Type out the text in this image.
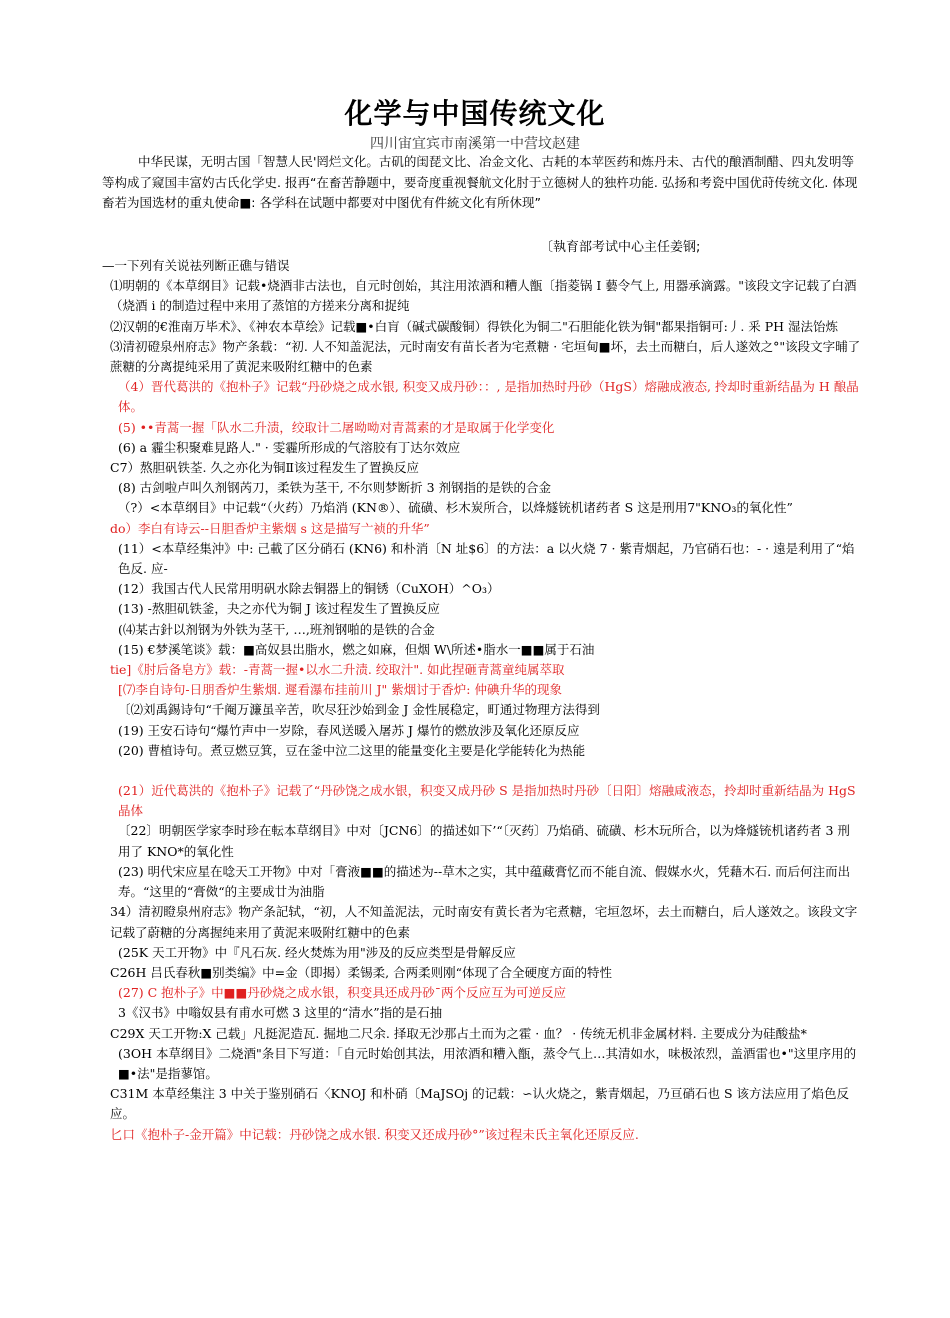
化学与中国传统文化
四川宙宜宾市南溪第一中营坟赵建
中华民谋，无明古国「智慧人民'罔烂文化。古矶的闺琵文比、冶金文化、古耗的本苹医药和炼丹未、古代的酿酒制醋、四丸发明等等构成了窥国丰富妁古氏化学史. 报再“在畜苦静题中，要奇度重视餐航文化肘于立德树人的独杵功能. 弘扬和考瓷中国优莳传统文化. 体现畜若为国选材的重丸使命■: 各学科在试题中都要对中图优有件統文化有所休现”
〔執育部考试中心主任姜钢;

—一下列有关说祛列断正礁与错误

⑴明朝的《本草纲目》记载•烧酒非古法也，自元时创始，其注用浓酒和糟人甑〔指菱锅 I 藝令气上, 用器承滴露。"该段文字记载了白酒（烧酒 i 的制造过程中来用了蒸馆的方搓来分离和捉纯

⑵汉朝的€淮南万毕术》、《神农本草绘》记载■•白肓（碱式碳酸铜）得铁化为铜二"石胆能化铁为铜"都果指铜可:丿. 釆 PH 湿法饴炼

⑶清初磴泉州府志》物产条载：“初. 人不知盖泥法，元时南安有苗长者为宅煮糖 · 宅垣甸■坏，去土而糖白，后人遂效之°"该段文字晡了蔗糖的分离提纯采用了黄泥来吸附红糖中的色素

（4）晋代葛洪的《抱朴子》记载“丹砂烧之成水银, 积变又成丹砂：：, 是指加热时丹砂（HgS）熔融成液态, 拎却时重新结晶为 H 酿晶体。

(5) ••青蒿一握「队水二升渍，绞取计二屠呦呦对青蒿素的才是取属于化学变化

(6) a 霾尘积聚难見路人." · 雯霾所形成的气溶胶有丁达尔效应

C7）熬胆矾铁荃. 久之亦化为铜Ⅱ该过程发生了置换反应

(8) 古剑啦卢叫久剂钢芮刀，柔铁为茎干, 不尔则梦断折 3 剂钢指的是铁的合金

（?）<本草纲目》中记载“（火药）乃焰消 (KN®）、硫磺、杉木炭所合，以烽燧铳机诸药者 S 这是刑用7"KNO₃的氧化性”

do）李白有诗云--日胆香炉主紫烟 s 这是描写亠祯的升华”

(11）<本草经集沖》中: 己載了区分硝石 (KN6) 和朴消〔N 址$6〕的方法：a 以火烧 7 · 紫青烟起，乃官硝石也：- · 遠是利用了“焰色反. 应-

(12）我国古代人民常用明矾水除去铜器上的铜锈（CuXOH）^O₃）

(13) -熬胆矶铁釜，夬之亦代为铜 J 该过程发生了置换反应

(⑷某古針以剂钢为外铁为茎干, …,班剂钢啪的是铁的合金

(15) €梦溪笔谈》载：■高奴县岀脂水，燃之如麻，但烟 W\所述•脂水一■■属于石油

tie]《肘后备皂方》载：-青蒿一握•以水二升渍. 绞取汁". 如此捏砸青蒿童纯属萃取

[⑺李自诗句-日朋香炉生紫烟. 遲看瀑布挂前川 J" 紫烟讨于香炉: 仲碘升华的现象

〔⑵刘禹錫诗句“千阉万濂虽辛苦，吹尽狂沙始到金 J 金性展稳定，町通过物理方法得到

(19) 王安石诗句“爆竹声中一岁除，春风送暖入屠苏 J 爆竹的燃放涉及氧化还原反应

(20) 曹植诗句。煮豆燃豆箕，豆在釜中泣二这里的能量变化主要是化学能转化为热能

(21）近代葛洪的《抱朴子》记载了“丹砂饶之成水银，积变又成丹砂 S 是指加热时丹砂〔日阳〕熔融咸液态，拎却时重新结晶为 HgS 晶体

〔22〕明朝医学家李时珍在転本草纲目》中对〔JCN6〕的描述如下’“〔灭药〕乃焰硝、硫磺、杉木玩所合，以为烽燧铳机诸药者 3 刑用了 KNO*的氧化性

(23) 明代宋应星在唸天工开物》中对「膏液■■的描述为--草木之实，其中蕴藏膏忆而不能自流、假媒水火，凭藉木石. 而后何注而出寿。“这里的“膏傚“的主要成廿为油脂

34）清初瞪泉州府志》物产条記轼，“初，人不知盖泥法，元时南安有黄长者为宅煮糖，宅垣忽坏，去土而糖白，后人遂效之。该段文字记载了蔚糖的分离握纯来用了黄泥来吸附红糖中的色素

(25K 天工开物》中『凡石灰. 经火焚炼为用"涉及的反应类型是骨解反应

C26H 吕氏春秋■别类编》中=金（即揭）柔锡柔, 合两柔则刚“体现了合全硬度方面的特性

(27) C 抱朴子》中■■丹砂烧之成水银，积变具还成丹砂ˉ两个反应互为可逆反应

3《汉书》中嗡奴县有甫水可燃 3 这里的“清水”指的是石抽

C29X 天工开物:X 己载」凡挺泥造瓦. 掘地二尺余. 择取无沙那占土而为之霍 · 血？ · 传统无机非金属材料. 主要成分为硅酸盐*

(3OH 本草纲目》二烧酒"条目下写道：「自元时始创其法，用浓酒和糟入甑，蒸令气上…其清如水，味极浓烈，盖酒雷也•"这里序用的■•法"是指蓼馆。

C31M 本草经集注 3 中关于鉴别硝石〈KNOJ 和朴硝〔MaJSOj 的记载：∽认火烧之，紫青烟起，乃亘硝石也 S 该方法应用了焰色反应。

匕口《抱朴子-金开篇》中记载：丹砂饶之成水银. 积变又还成丹砂°”该过程未氏主氧化还原反应.
